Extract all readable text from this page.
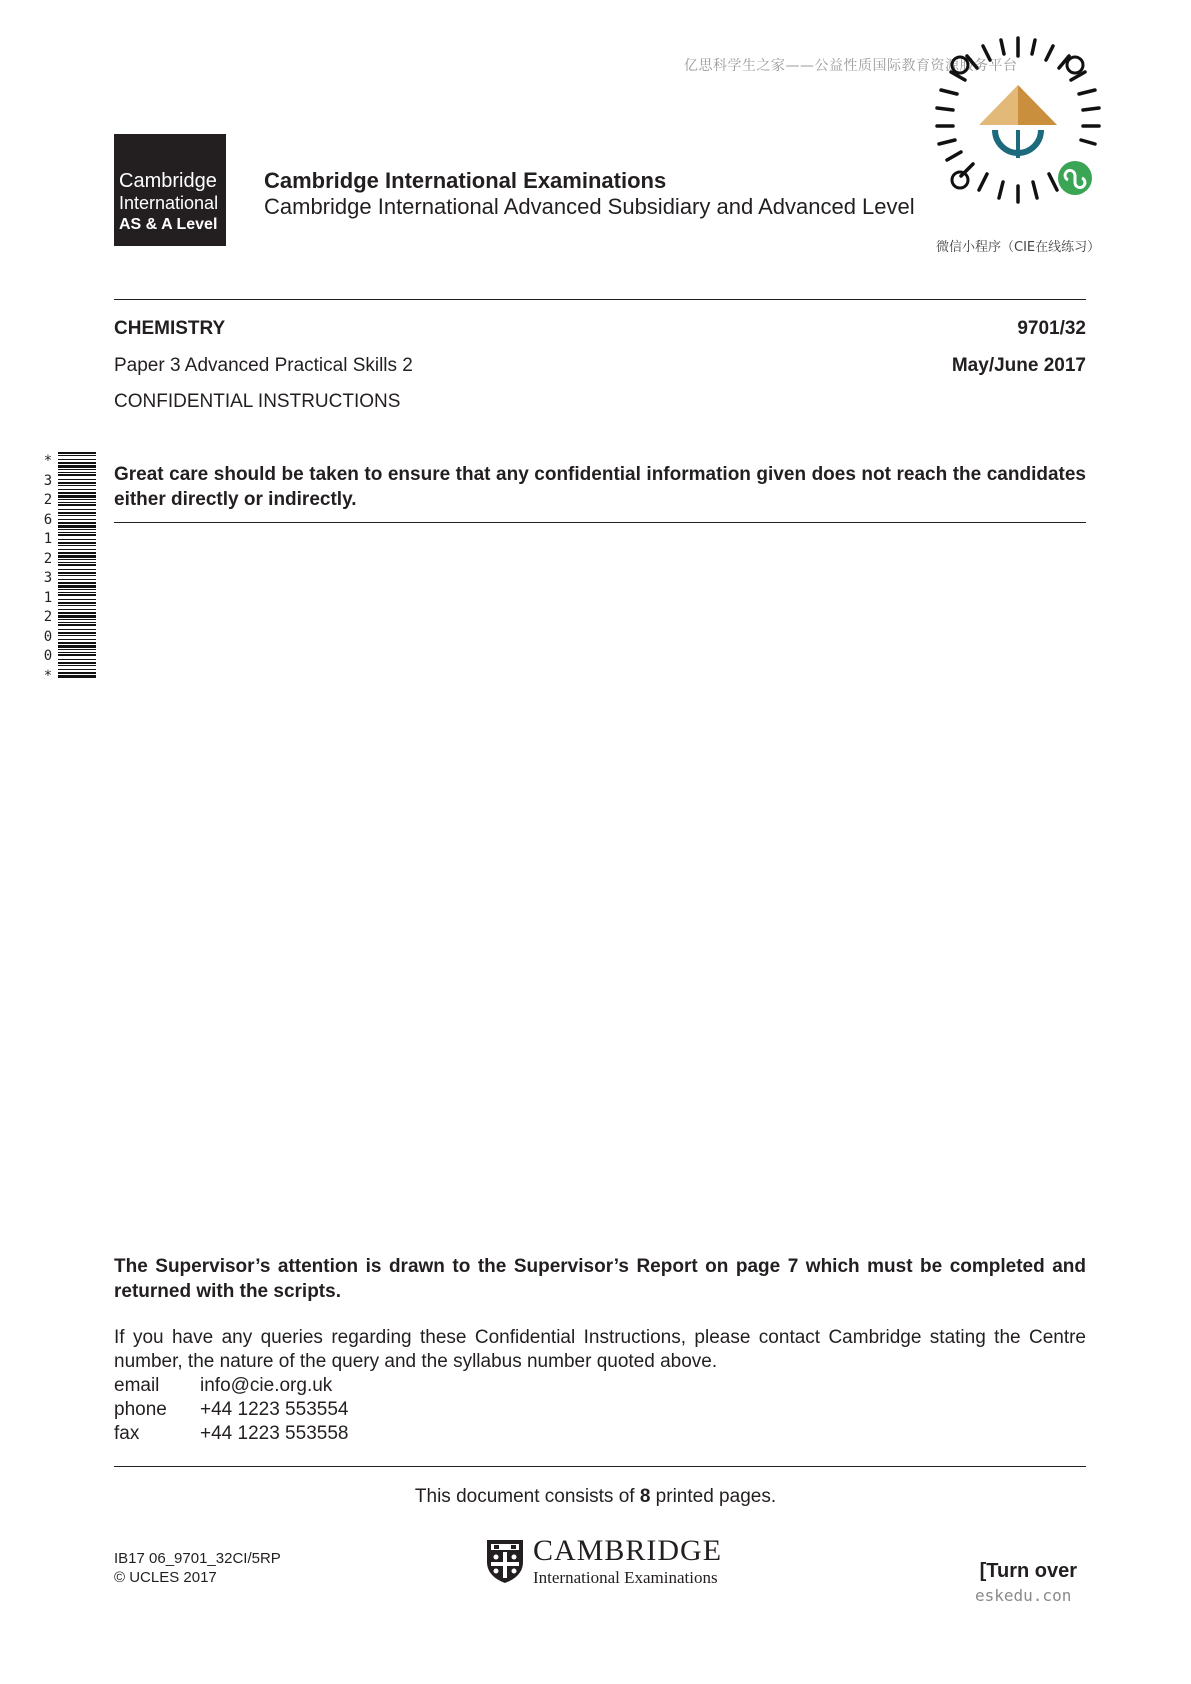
亿思科学生之家——公益性质国际教育资源服务平台
微信小程序（CIE在线练习）
Cambridge
International
AS & A Level
Cambridge International Examinations
Cambridge International Advanced Subsidiary and Advanced Level
CHEMISTRY	9701/32
Paper 3 Advanced Practical Skills 2	May/June 2017
CONFIDENTIAL INSTRUCTIONS
*
3
2
6
1
2
3
1
2
0
0
*
Great care should be taken to ensure that any confidential information given does not reach the candidates either directly or indirectly.
The Supervisor’s attention is drawn to the Supervisor’s Report on page 7 which must be completed and returned with the scripts.
If you have any queries regarding these Confidential Instructions, please contact Cambridge stating the Centre number, the nature of the query and the syllabus number quoted above.
email info@cie.org.uk
phone +44 1223 553554
fax	+44 1223 553558
This document consists of 8 printed pages.
IB17 06_9701_32CI/5RP
© UCLES 2017
CAMBRIDGE
International Examinations	[Turn over
eskedu.con
